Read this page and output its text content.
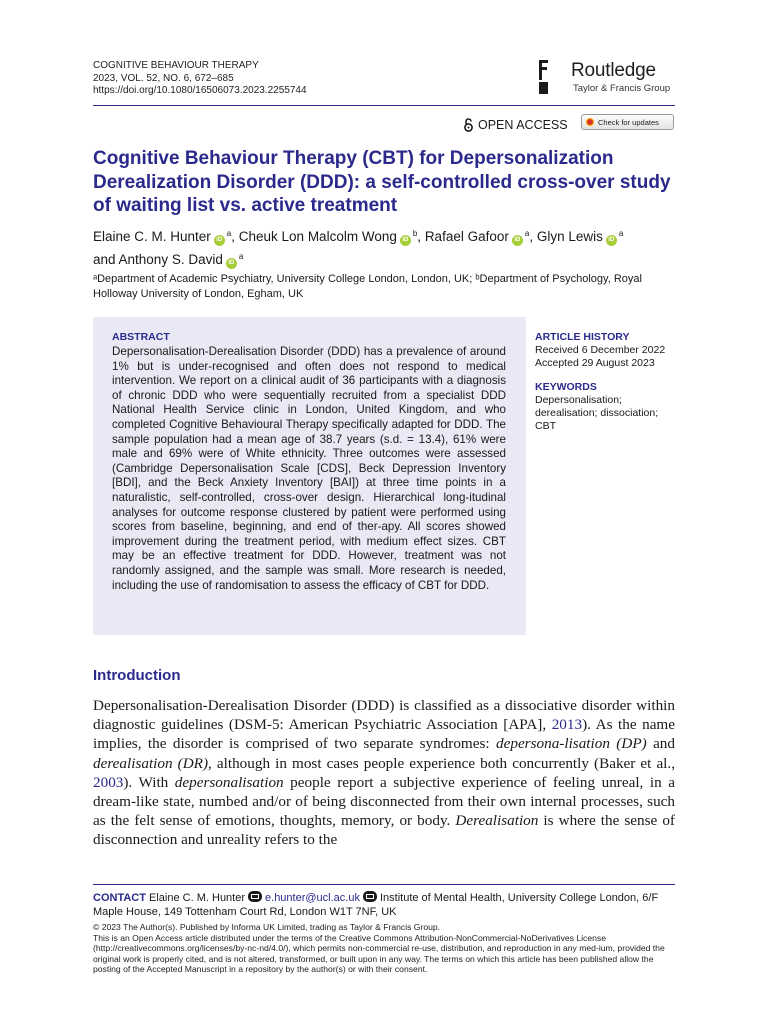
COGNITIVE BEHAVIOUR THERAPY
2023, VOL. 52, NO. 6, 672–685
https://doi.org/10.1080/16506073.2023.2255744
Routledge
Taylor & Francis Group
OPEN ACCESS	Check for updates
Cognitive Behaviour Therapy (CBT) for Depersonalization Derealization Disorder (DDD): a self-controlled cross-over study of waiting list vs. active treatment
Elaine C. M. Hunter $iD^a$, Cheuk Lon Malcolm Wong $iD^b$, Rafael Gafoor $iD^a$, Glyn Lewis $iD^a$
and Anthony S. David $iD^a$
ᵃDepartment of Academic Psychiatry, University College London, London, UK; ᵇDepartment of Psychology, Royal Holloway University of London, Egham, UK
ABSTRACT
Depersonalisation-Derealisation Disorder (DDD) has a prevalence of around 1% but is under-recognised and often does not respond to medical intervention. We report on a clinical audit of 36 participants with a diagnosis of chronic DDD who were sequentially recruited from a specialist DDD National Health Service clinic in London, United Kingdom, and who completed Cognitive Behavioural Therapy specifically adapted for DDD. The sample population had a mean age of 38.7 years (s.d. = 13.4), 61% were male and 69% were of White ethnicity. Three outcomes were assessed (Cambridge Depersonalisation Scale [CDS], Beck Depression Inventory [BDI], and the Beck Anxiety Inventory [BAI]) at three time points in a naturalistic, self-controlled, cross-over design. Hierarchical long-itudinal analyses for outcome response clustered by patient were performed using scores from baseline, beginning, and end of ther-apy. All scores showed improvement during the treatment period, with medium effect sizes. CBT may be an effective treatment for DDD. However, treatment was not randomly assigned, and the sample was small. More research is needed, including the use of randomisation to assess the efficacy of CBT for DDD.
ARTICLE HISTORY
Received 6 December 2022
Accepted 29 August 2023
KEYWORDS
Depersonalisation; derealisation; dissociation; CBT
Introduction
Depersonalisation-Derealisation Disorder (DDD) is classified as a dissociative disorder within diagnostic guidelines (DSM-5: American Psychiatric Association [APA], 2013). As the name implies, the disorder is comprised of two separate syndromes: depersona-lisation (DP) and derealisation (DR), although in most cases people experience both concurrently (Baker et al., 2003). With depersonalisation people report a subjective experience of feeling unreal, in a dream-like state, numbed and/or of being disconnected from their own internal processes, such as the felt sense of emotions, thoughts, memory, or body. Derealisation is where the sense of disconnection and unreality refers to the
CONTACT Elaine C. M. Hunter e.hunter@ucl.ac.uk Institute of Mental Health, University College London, 6/F Maple House, 149 Tottenham Court Rd, London W1T 7NF, UK
© 2023 The Author(s). Published by Informa UK Limited, trading as Taylor & Francis Group.
This is an Open Access article distributed under the terms of the Creative Commons Attribution-NonCommercial-NoDerivatives License (http://creativecommons.org/licenses/by-nc-nd/4.0/), which permits non-commercial re-use, distribution, and reproduction in any med-ium, provided the original work is properly cited, and is not altered, transformed, or built upon in any way. The terms on which this article has been published allow the posting of the Accepted Manuscript in a repository by the author(s) or with their consent.
